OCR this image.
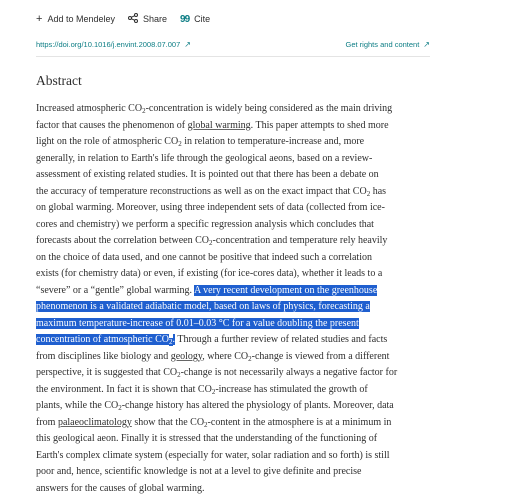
+ Add to Mendeley	Share 99 Cite
https://doi.org/10.1016/j.envint.2008.07.007 ↗	Get rights and content ↗
Abstract
Increased atmospheric $CO_2$-concentration is widely being considered as the main driving
factor that causes the phenomenon of global warming. This paper attempts to shed more
light on the role of atmospheric $CO_2$ in relation to temperature-increase and, more
generally, in relation to Earth's life through the geological aeons, based on a review-
assessment of existing related studies. It is pointed out that there has been a debate on
the accuracy of temperature reconstructions as well as on the exact impact that $CO_2$ has
on global warming. Moreover, using three independent sets of data (collected from ice-
cores and chemistry) we perform a specific regression analysis which concludes that
forecasts about the correlation between $CO_2$-concentration and temperature rely heavily
on the choice of data used, and one cannot be positive that indeed such a correlation
exists (for chemistry data) or even, if existing (for ice-cores data), whether it leads to a
“severe” or a “gentle” global warming. A very recent development on the greenhouse
phenomenon is a validated adiabatic model, based on laws of physics, forecasting a
maximum temperature-increase of 0.01–0.03 °C for a value doubling the present
concentration of atmospheric $CO_2$. Through a further review of related studies and facts
from disciplines like biology and geology, where $CO_2$-change is viewed from a different
perspective, it is suggested that $CO_2$-change is not necessarily always a negative factor for
the environment. In fact it is shown that $CO_2$-increase has stimulated the growth of
plants, while the $CO_2$-change history has altered the physiology of plants. Moreover, data
from palaeoclimatology show that the $CO_2$-content in the atmosphere is at a minimum in
this geological aeon. Finally it is stressed that the understanding of the functioning of
Earth's complex climate system (especially for water, solar radiation and so forth) is still
poor and, hence, scientific knowledge is not at a level to give definite and precise
answers for the causes of global warming.
